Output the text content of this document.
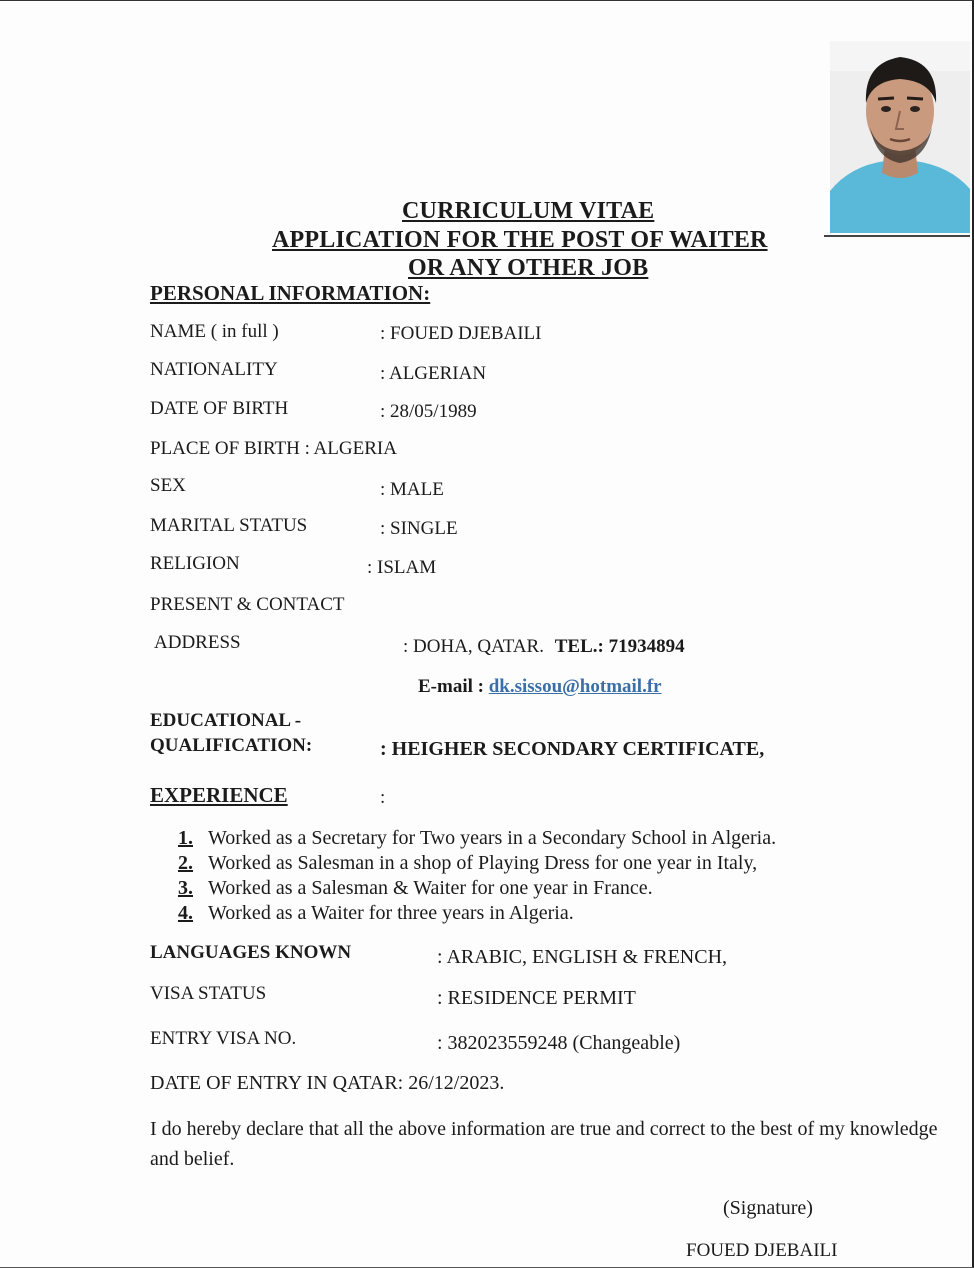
CURRICULUM VITAE
APPLICATION FOR THE POST OF WAITER
OR ANY OTHER JOB
PERSONAL INFORMATION:
NAME ( in full )	: FOUED DJEBAILI
NATIONALITY	: ALGERIAN
DATE OF BIRTH	: 28/05/1989
PLACE OF BIRTH : ALGERIA
SEX	: MALE
MARITAL STATUS	: SINGLE
RELIGION	: ISLAM
PRESENT & CONTACT
ADDRESS	: DOHA, QATAR. TEL.: 71934894
E-mail : dk.sissou@hotmail.fr
EDUCATIONAL -
QUALIFICATION:	: HEIGHER SECONDARY CERTIFICATE,
EXPERIENCE	:
1. Worked as a Secretary for Two years in a Secondary School in Algeria.
2. Worked as Salesman in a shop of Playing Dress for one year in Italy,
3. Worked as a Salesman & Waiter for one year in France.
4. Worked as a Waiter for three years in Algeria.
LANGUAGES KNOWN	: ARABIC, ENGLISH & FRENCH,
VISA STATUS	: RESIDENCE PERMIT
ENTRY VISA NO.	: 382023559248 (Changeable)
DATE OF ENTRY IN QATAR: 26/12/2023.
I do hereby declare that all the above information are true and correct to the best of my knowledge and belief.
(Signature)
FOUED DJEBAILI
